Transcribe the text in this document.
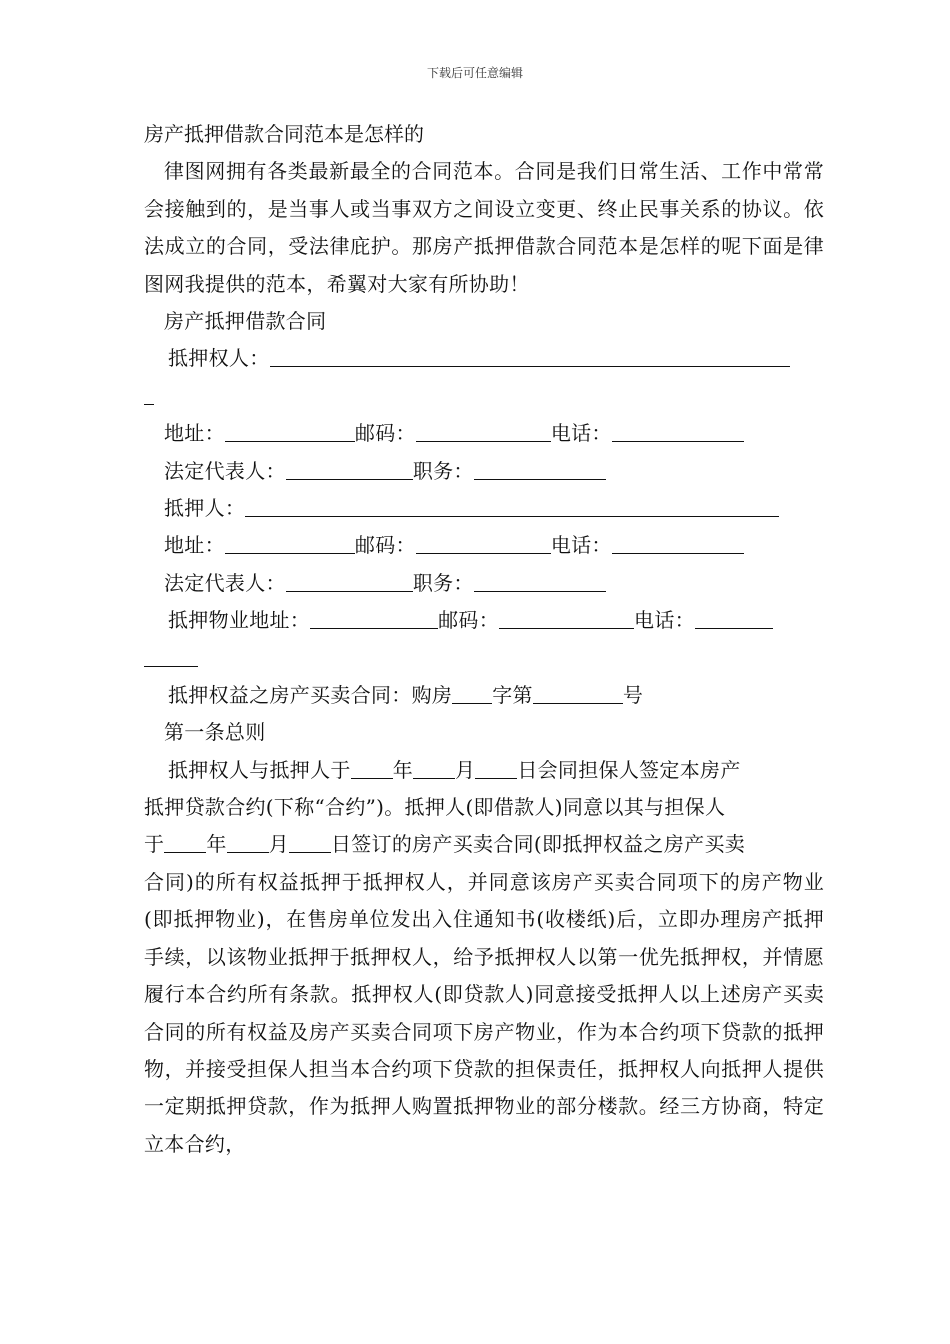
下载后可任意编辑
房产抵押借款合同范本是怎样的
律图网拥有各类最新最全的合同范本。合同是我们日常生活、工作中常常会接触到的，是当事人或当事双方之间设立变更、终止民事关系的协议。依法成立的合同，受法律庇护。那房产抵押借款合同范本是怎样的呢下面是律图网我提供的范本，希翼对大家有所协助！
房产抵押借款合同
抵押权人：
地址：	邮码：	电话：
法定代表人：	职务：
抵押人：
地址：	邮码：	电话：
法定代表人：	职务：
抵押物业地址：	邮码：	电话：
抵押权益之房产买卖合同：购房 字第	号
第一条总则
抵押权人与抵押人于 年 月 日会同担保人签定本房产
抵押贷款合约(下称“合约”)。抵押人(即借款人)同意以其与担保人
于 年 月 日签订的房产买卖合同(即抵押权益之房产买卖
合同)的所有权益抵押于抵押权人，并同意该房产买卖合同项下的房产物业(即抵押物业)，在售房单位发出入住通知书(收楼纸)后，立即办理房产抵押手续，以该物业抵押于抵押权人，给予抵押权人以第一优先抵押权，并情愿履行本合约所有条款。抵押权人(即贷款人)同意接受抵押人以上述房产买卖合同的所有权益及房产买卖合同项下房产物业，作为本合约项下贷款的抵押物，并接受担保人担当本合约项下贷款的担保责任，抵押权人向抵押人提供一定期抵押贷款，作为抵押人购置抵押物业的部分楼款。经三方协商，特定立本合约，
